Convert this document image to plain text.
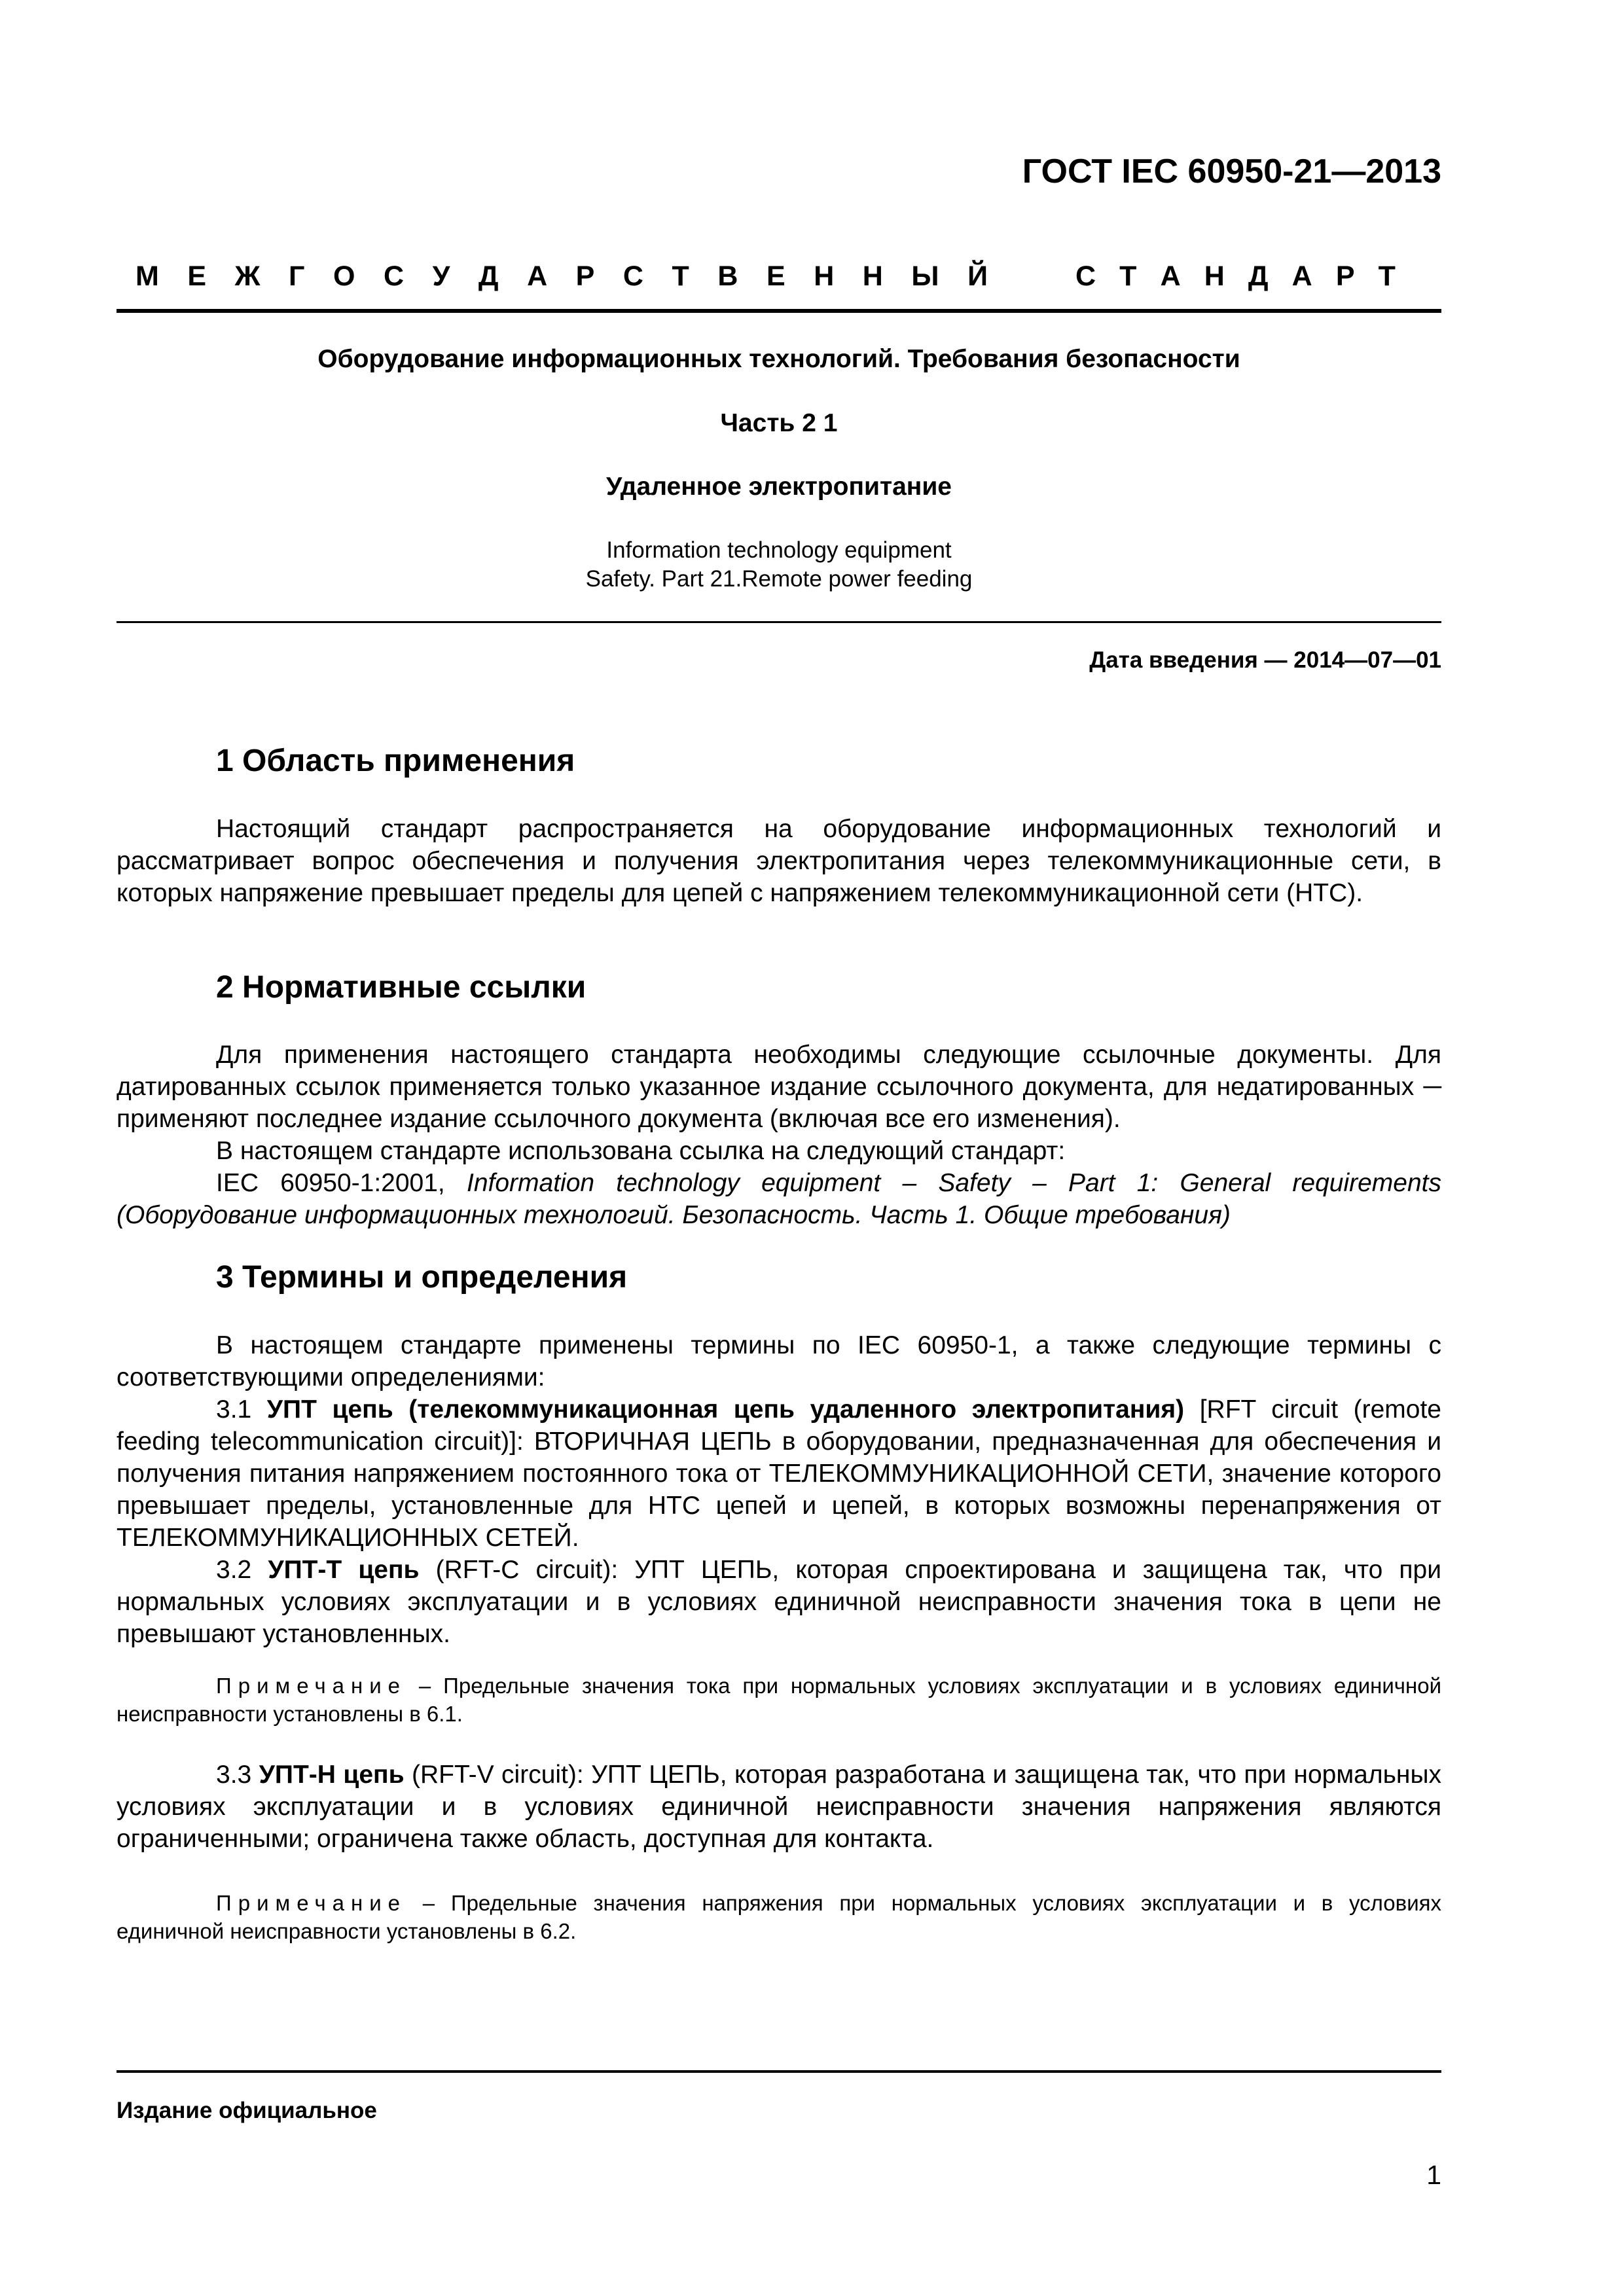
ГОСТ IEC 60950-21—2013
М Е Ж Г О С У Д А Р С Т В Е Н Н Ы Й	С Т А Н Д А Р Т
Оборудование информационных технологий. Требования безопасности
Часть 2 1
Удаленное электропитание
Information technology equipment
Safety. Part 21.Remote power feeding
Дата введения — 2014—07—01
1 Область применения

Настоящий стандарт распространяется на оборудование информационных технологий и рассматривает вопрос обеспечения и получения электропитания через телекоммуникационные сети, в которых напряжение превышает пределы для цепей с напряжением телекоммуникационной сети (НТС).

2 Нормативные ссылки

Для применения настоящего стандарта необходимы следующие ссылочные документы. Для датированных ссылок применяется только указанное издание ссылочного документа, для недатированных ─ применяют последнее издание ссылочного документа (включая все его изменения).

В настоящем стандарте использована ссылка на следующий стандарт:

IEC 60950-1:2001, Information technology equipment – Safety – Part 1: General requirements (Оборудование информационных технологий. Безопасность. Часть 1. Общие требования)

3 Термины и определения

В настоящем стандарте применены термины по IEC 60950-1, а также следующие термины с соответствующими определениями:

3.1 УПТ цепь (телекоммуникационная цепь удаленного электропитания) [RFT circuit (remote feeding telecommunication circuit)]: ВТОРИЧНАЯ ЦЕПЬ в оборудовании, предназначенная для обеспечения и получения питания напряжением постоянного тока от ТЕЛЕКОММУНИКАЦИОННОЙ СЕТИ, значение которого превышает пределы, установленные для НТС цепей и цепей, в которых возможны перенапряжения от ТЕЛЕКОММУНИКАЦИОННЫХ СЕТЕЙ.

3.2 УПТ-Т цепь (RFT-C circuit): УПТ ЦЕПЬ, которая спроектирована и защищена так, что при нормальных условиях эксплуатации и в условиях единичной неисправности значения тока в цепи не превышают установленных.

Примечание – Предельные значения тока при нормальных условиях эксплуатации и в условиях единичной неисправности установлены в 6.1.

3.3 УПТ-Н цепь (RFT-V circuit): УПТ ЦЕПЬ, которая разработана и защищена так, что при нормальных условиях эксплуатации и в условиях единичной неисправности значения напряжения являются ограниченными; ограничена также область, доступная для контакта.

Примечание – Предельные значения напряжения при нормальных условиях эксплуатации и в условиях единичной неисправности установлены в 6.2.

Издание официальное
1
